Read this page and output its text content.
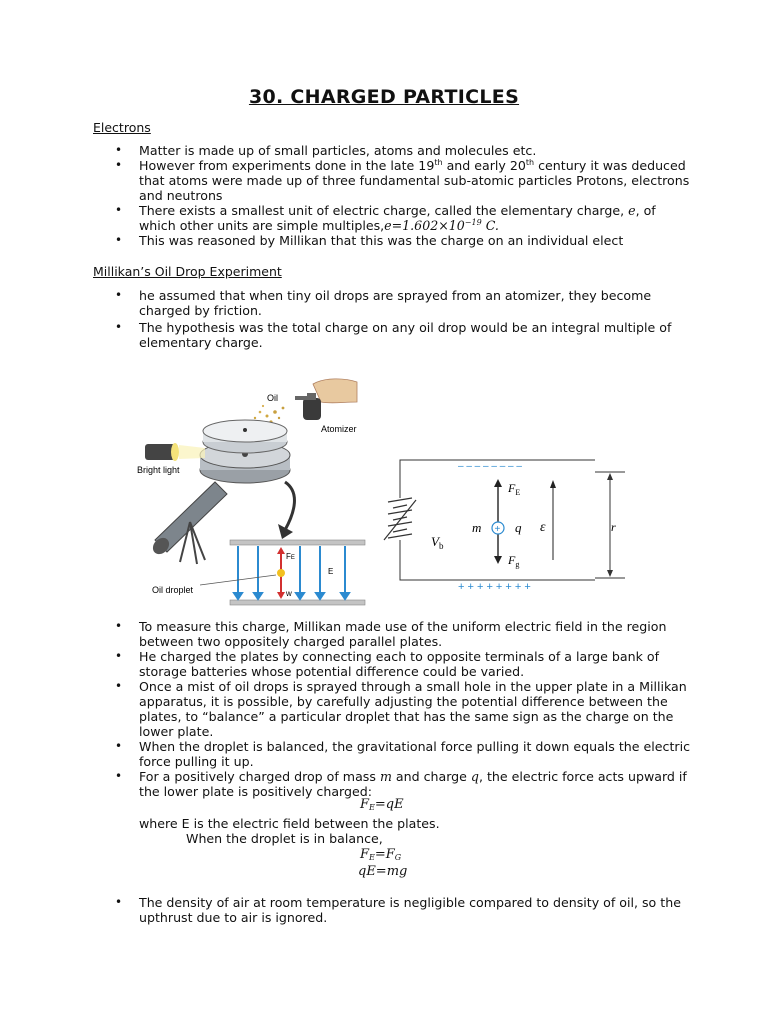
30. CHARGED PARTICLES
Electrons
• Matter is made up of small particles, atoms and molecules etc.
• However from experiments done in the late 19th and early 20th century it was deduced that atoms were made up of three fundamental sub-atomic particles Protons, electrons and neutrons
• There exists a smallest unit of electric charge, called the elementary charge, e, of which other units are simple $multiples,e=1.602\times 10^{-19}$ C.
• This was reasoned by Millikan that this was the charge on an individual elect
Millikan’s Oil Drop Experiment
• he assumed that when tiny oil drops are sprayed from an atomizer, they become charged by friction.
• The hypothesis was the total charge on any oil drop would be an integral multiple of elementary charge.
Oil
Atomizer
Bright light
Oil droplet
FE
E
w
– – – – – – – –
+ + + + + + + +
+
m	q ε	r
$V_b$
$F_E$
$F_g$
• To measure this charge, Millikan made use of the uniform electric field in the region between two oppositely charged parallel plates.
• He charged the plates by connecting each to opposite terminals of a large bank of storage batteries whose potential difference could be varied.
• Once a mist of oil drops is sprayed through a small hole in the upper plate in a Millikan apparatus, it is possible, by carefully adjusting the potential difference between the plates, to “balance” a particular droplet that has the same sign as the charge on the lower plate.
• When the droplet is balanced, the gravitational force pulling it down equals the electric force pulling it up.
• For a positively charged drop of mass m and charge q, the electric force acts upward if the lower plate is positively charged:
$F_E=qE$
where E is the electric field between the plates.
When the droplet is in balance,
$F_E=F_G$
qE=mg
• The density of air at room temperature is negligible compared to density of oil, so the upthrust due to air is ignored.
